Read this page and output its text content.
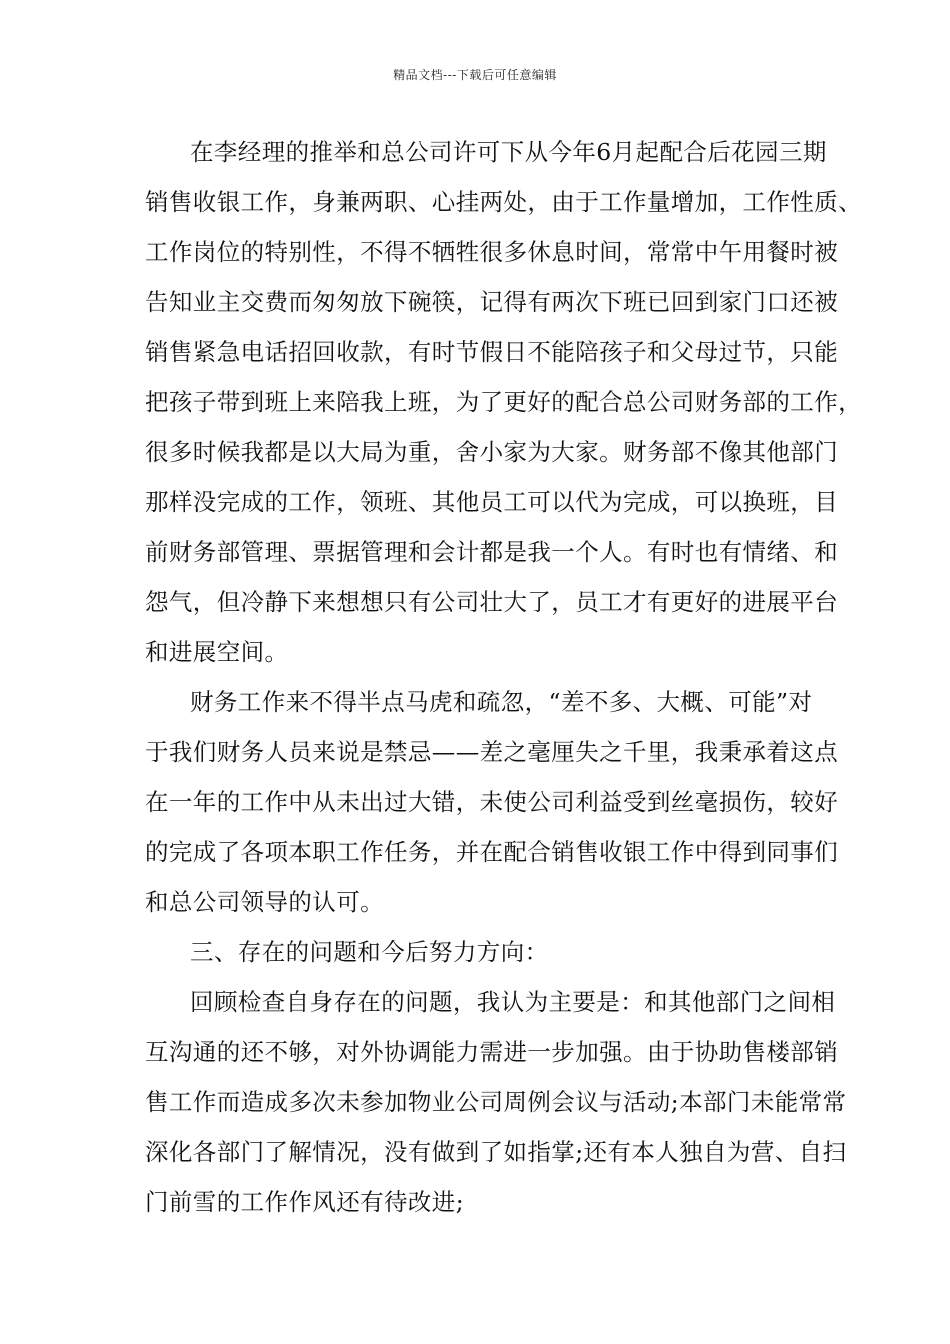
精品文档---下载后可任意编辑
在李经理的推举和总公司许可下从今年6月起配合后花园三期
销售收银工作，身兼两职、心挂两处，由于工作量增加，工作性质、
工作岗位的特别性，不得不牺牲很多休息时间，常常中午用餐时被
告知业主交费而匆匆放下碗筷，记得有两次下班已回到家门口还被
销售紧急电话招回收款，有时节假日不能陪孩子和父母过节，只能
把孩子带到班上来陪我上班，为了更好的配合总公司财务部的工作，
很多时候我都是以大局为重，舍小家为大家。财务部不像其他部门
那样没完成的工作，领班、其他员工可以代为完成，可以换班，目
前财务部管理、票据管理和会计都是我一个人。有时也有情绪、和
怨气，但冷静下来想想只有公司壮大了，员工才有更好的进展平台
和进展空间。
财务工作来不得半点马虎和疏忽，“差不多、大概、可能”对
于我们财务人员来说是禁忌——差之毫厘失之千里，我秉承着这点
在一年的工作中从未出过大错，未使公司利益受到丝毫损伤，较好
的完成了各项本职工作任务，并在配合销售收银工作中得到同事们
和总公司领导的认可。
三、存在的问题和今后努力方向：
回顾检查自身存在的问题，我认为主要是：和其他部门之间相
互沟通的还不够，对外协调能力需进一步加强。由于协助售楼部销
售工作而造成多次未参加物业公司周例会议与活动;本部门未能常常
深化各部门了解情况，没有做到了如指掌;还有本人独自为营、自扫
门前雪的工作作风还有待改进;
